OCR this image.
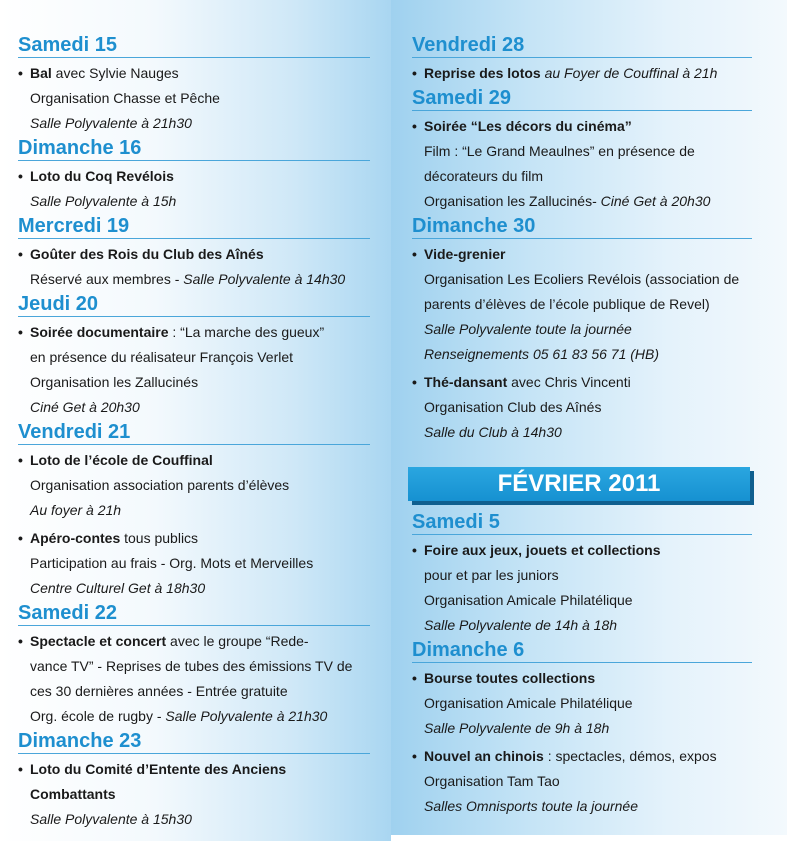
Samedi 15
• Bal avec Sylvie Nauges
Organisation Chasse et Pêche
Salle Polyvalente à 21h30
Dimanche 16
• Loto du Coq Revélois
Salle Polyvalente à 15h
Mercredi 19
• Goûter des Rois du Club des Aînés
Réservé aux membres - Salle Polyvalente à 14h30
Jeudi 20
• Soirée documentaire : “La marche des gueux”
en présence du réalisateur François Verlet
Organisation les Zallucinés
Ciné Get à 20h30
Vendredi 21
• Loto de l’école de Couffinal
Organisation association parents d’élèves
Au foyer à 21h
• Apéro-contes tous publics
Participation au frais - Org. Mots et Merveilles
Centre Culturel Get à 18h30
Samedi 22
• Spectacle et concert avec le groupe “Rede-
vance TV” - Reprises de tubes des émissions TV de
ces 30 dernières années - Entrée gratuite
Org. école de rugby - Salle Polyvalente à 21h30
Dimanche 23
• Loto du Comité d’Entente des Anciens
Combattants
Salle Polyvalente à 15h30
Vendredi 28
• Reprise des lotos au Foyer de Couffinal à 21h
Samedi 29
• Soirée “Les décors du cinéma”
Film : “Le Grand Meaulnes” en présence de
décorateurs du film
Organisation les Zallucinés- Ciné Get à 20h30
Dimanche 30
• Vide-grenier
Organisation Les Ecoliers Revélois (association de
parents d’élèves de l’école publique de Revel)
Salle Polyvalente toute la journée
Renseignements 05 61 83 56 71 (HB)
• Thé-dansant avec Chris Vincenti
Organisation Club des Aînés
Salle du Club à 14h30
FÉVRIER 2011
Samedi 5
• Foire aux jeux, jouets et collections
pour et par les juniors
Organisation Amicale Philatélique
Salle Polyvalente de 14h à 18h
Dimanche 6
• Bourse toutes collections
Organisation Amicale Philatélique
Salle Polyvalente de 9h à 18h
• Nouvel an chinois : spectacles, démos, expos
Organisation Tam Tao
Salles Omnisports toute la journée
